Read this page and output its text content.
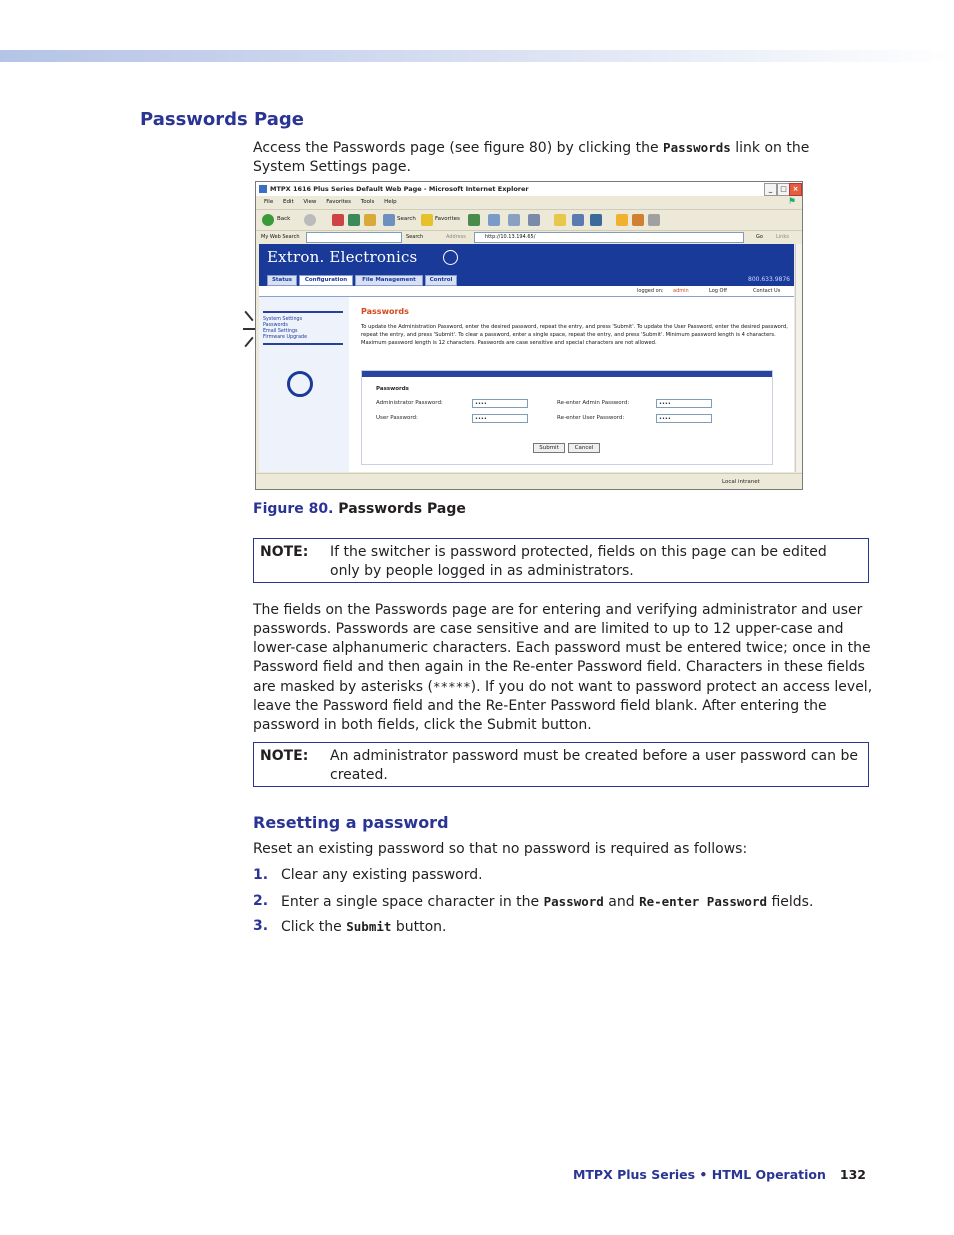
Passwords Page
Access the Passwords page (see figure 80) by clicking the Passwords link on the System Settings page.
MTPX 1616 Plus Series Default Web Page - Microsoft Internet Explorer	_	□ ×
File Edit View Favorites Tools Help	⚑
Back	Search	Favorites
My Web Search	Search	Address	http://10.13.194.65/	Go	Links
Extron. Electronics
Status	Configuration	File Management	Control	800.633.9876
logged on: admin	Log Off	Contact Us
System Settings
Passwords
Email Settings
Firmware Upgrade
Passwords
To update the Administration Password, enter the desired password, repeat the entry, and press 'Submit'. To update the User Password, enter the desired password, repeat the entry, and press 'Submit'. To clear a password, enter a single space, repeat the entry, and press 'Submit'. Minimum password length is 4 characters. Maximum password length is 12 characters. Passwords are case sensitive and special characters are not allowed.
Passwords
Administrator Password:	••••	Re-enter Admin Password:	••••
User Password:	••••	Re-enter User Password:	••••
Submit	Cancel
Local intranet
Figure 80. Passwords Page
NOTE: If the switcher is password protected, fields on this page can be edited only by people logged in as administrators.
The fields on the Passwords page are for entering and verifying administrator and user passwords. Passwords are case sensitive and are limited to up to 12 upper-case and lower-case alphanumeric characters. Each password must be entered twice; once in the Password field and then again in the Re-enter Password field. Characters in these fields are masked by asterisks (*****). If you do not want to password protect an access level, leave the Password field and the Re-Enter Password field blank. After entering the password in both fields, click the Submit button.
NOTE: An administrator password must be created before a user password can be created.
Resetting a password
Reset an existing password so that no password is required as follows:
1. Clear any existing password.
2. Enter a single space character in the Password and Re-enter Password fields.
3. Click the Submit button.
MTPX Plus Series • HTML Operation 132
